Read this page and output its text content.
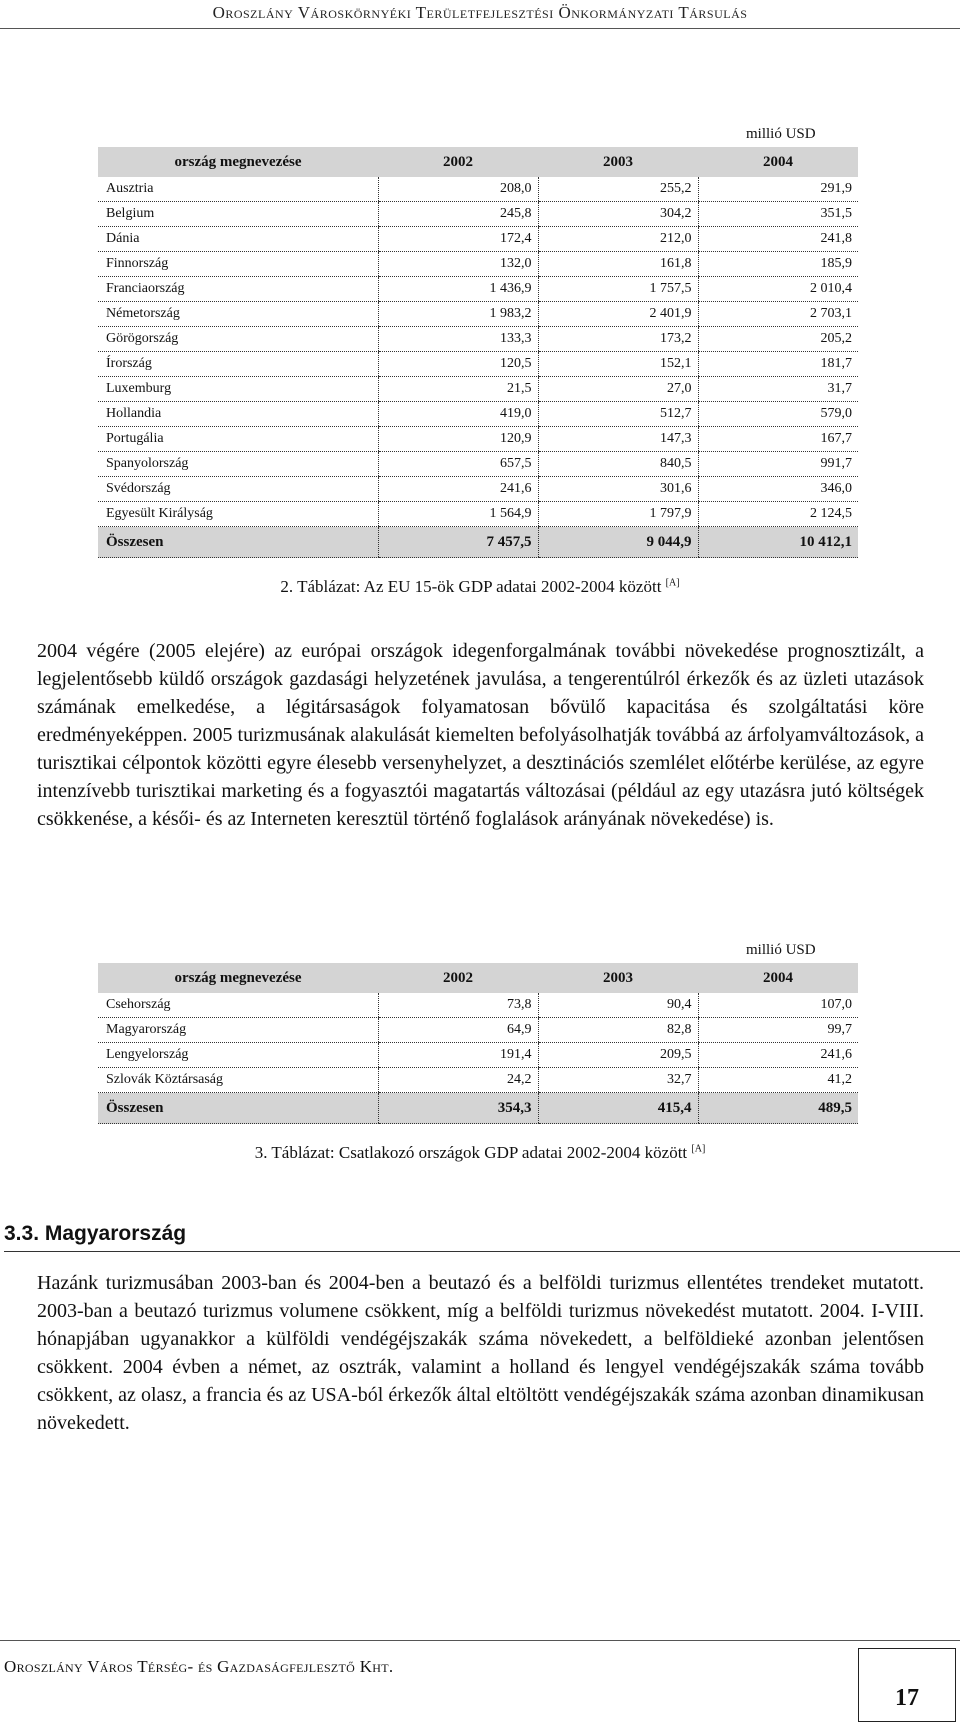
Oroszlány Városkörnyéki Területfejlesztési Önkormányzati Társulás
millió USD
ország megnevezése	2002	2003	2004
Ausztria	208,0	255,2	291,9
Belgium	245,8	304,2	351,5
Dánia	172,4	212,0	241,8
Finnország	132,0	161,8	185,9
Franciaország	1 436,9	1 757,5	2 010,4
Németország	1 983,2	2 401,9	2 703,1
Görögország	133,3	173,2	205,2
Írország	120,5	152,1	181,7
Luxemburg	21,5	27,0	31,7
Hollandia	419,0	512,7	579,0
Portugália	120,9	147,3	167,7
Spanyolország	657,5	840,5	991,7
Svédország	241,6	301,6	346,0
Egyesült Királyság	1 564,9	1 797,9	2 124,5
Összesen	7 457,5	9 044,9	10 412,1
2. Táblázat: Az EU 15-ök GDP adatai 2002-2004 között [A]

2004 végére (2005 elejére) az európai országok idegenforgalmának további növekedése prognosztizált, a legjelentősebb küldő országok gazdasági helyzetének javulása, a tengerentúlról érkezők és az üzleti utazások számának emelkedése, a légitársaságok folyamatosan bővülő kapacitása és szolgáltatási köre eredményeképpen. 2005 turizmusának alakulását kiemelten befolyásolhatják továbbá az árfolyamváltozások, a turisztikai célpontok közötti egyre élesebb versenyhelyzet, a desztinációs szemlélet előtérbe kerülése, az egyre intenzívebb turisztikai marketing és a fogyasztói magatartás változásai (például az egy utazásra jutó költségek csökkenése, a késői- és az Interneten keresztül történő foglalások arányának növekedése) is.

millió USD
ország megnevezése	2002	2003	2004
Csehország	73,8	90,4	107,0
Magyarország	64,9	82,8	99,7
Lengyelország	191,4	209,5	241,6
Szlovák Köztársaság	24,2	32,7	41,2
Összesen	354,3	415,4	489,5
3. Táblázat: Csatlakozó országok GDP adatai 2002-2004 között [A]
3.3. Magyarország

Hazánk turizmusában 2003-ban és 2004-ben a beutazó és a belföldi turizmus ellentétes trendeket mutatott. 2003-ban a beutazó turizmus volumene csökkent, míg a belföldi turizmus növekedést mutatott. 2004. I-VIII. hónapjában ugyanakkor a külföldi vendégéjszakák száma növekedett, a belföldieké azonban jelentősen csökkent. 2004 évben a német, az osztrák, valamint a holland és lengyel vendégéjszakák száma tovább csökkent, az olasz, a francia és az USA-ból érkezők által eltöltött vendégéjszakák száma azonban dinamikusan növekedett.

Oroszlány Város Térség- és Gazdaságfejlesztő Kht.
17
